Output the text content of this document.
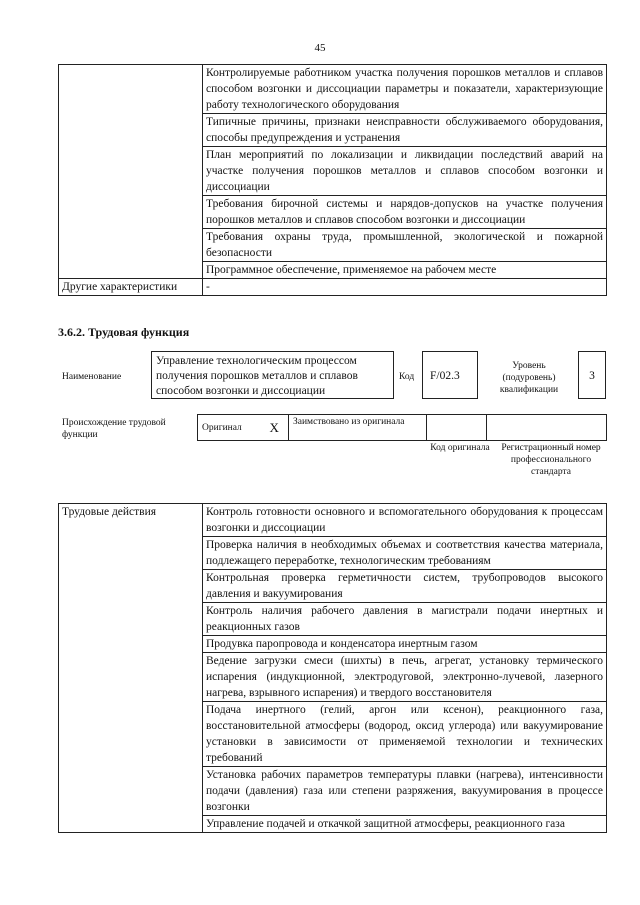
45
	Контролируемые работником участка получения порошков металлов и сплавов способом возгонки и диссоциации параметры и показатели, характеризующие работу технологического оборудования
	Типичные причины, признаки неисправности обслуживаемого оборудования, способы предупреждения и устранения
	План мероприятий по локализации и ликвидации последствий аварий на участке получения порошков металлов и сплавов способом возгонки и диссоциации
	Требования бирочной системы и нарядов-допусков на участке получения порошков металлов и сплавов способом возгонки и диссоциации
	Требования охраны труда, промышленной, экологической и пожарной безопасности
	Программное обеспечение, применяемое на рабочем месте
Другие характеристики	-
3.6.2. Трудовая функция
Наименование
Управление технологическим процессом получения порошков металлов и сплавов способом возгонки и диссоциации
Код	F/02.3
Уровень (подуровень) квалификации
3
Происхождение трудовой функции
Оригинал	X	Заимствовано из оригинала		
Код оригинала	Регистрационный номер профессионального стандарта
Трудовые действия	Контроль готовности основного и вспомогательного оборудования к процессам возгонки и диссоциации
Проверка наличия в необходимых объемах и соответствия качества материала, подлежащего переработке, технологическим требованиям
Контрольная проверка герметичности систем, трубопроводов высокого давления и вакуумирования
Контроль наличия рабочего давления в магистрали подачи инертных и реакционных газов
Продувка паропровода и конденсатора инертным газом
Ведение загрузки смеси (шихты) в печь, агрегат, установку термического испарения (индукционной, электродуговой, электронно-лучевой, лазерного нагрева, взрывного испарения) и твердого восстановителя
Подача инертного (гелий, аргон или ксенон), реакционного газа, восстановительной атмосферы (водород, оксид углерода) или вакуумирование установки в зависимости от применяемой технологии и технических требований
Установка рабочих параметров температуры плавки (нагрева), интенсивности подачи (давления) газа или степени разряжения, вакуумирования в процессе возгонки
Управление подачей и откачкой защитной атмосферы, реакционного газа
